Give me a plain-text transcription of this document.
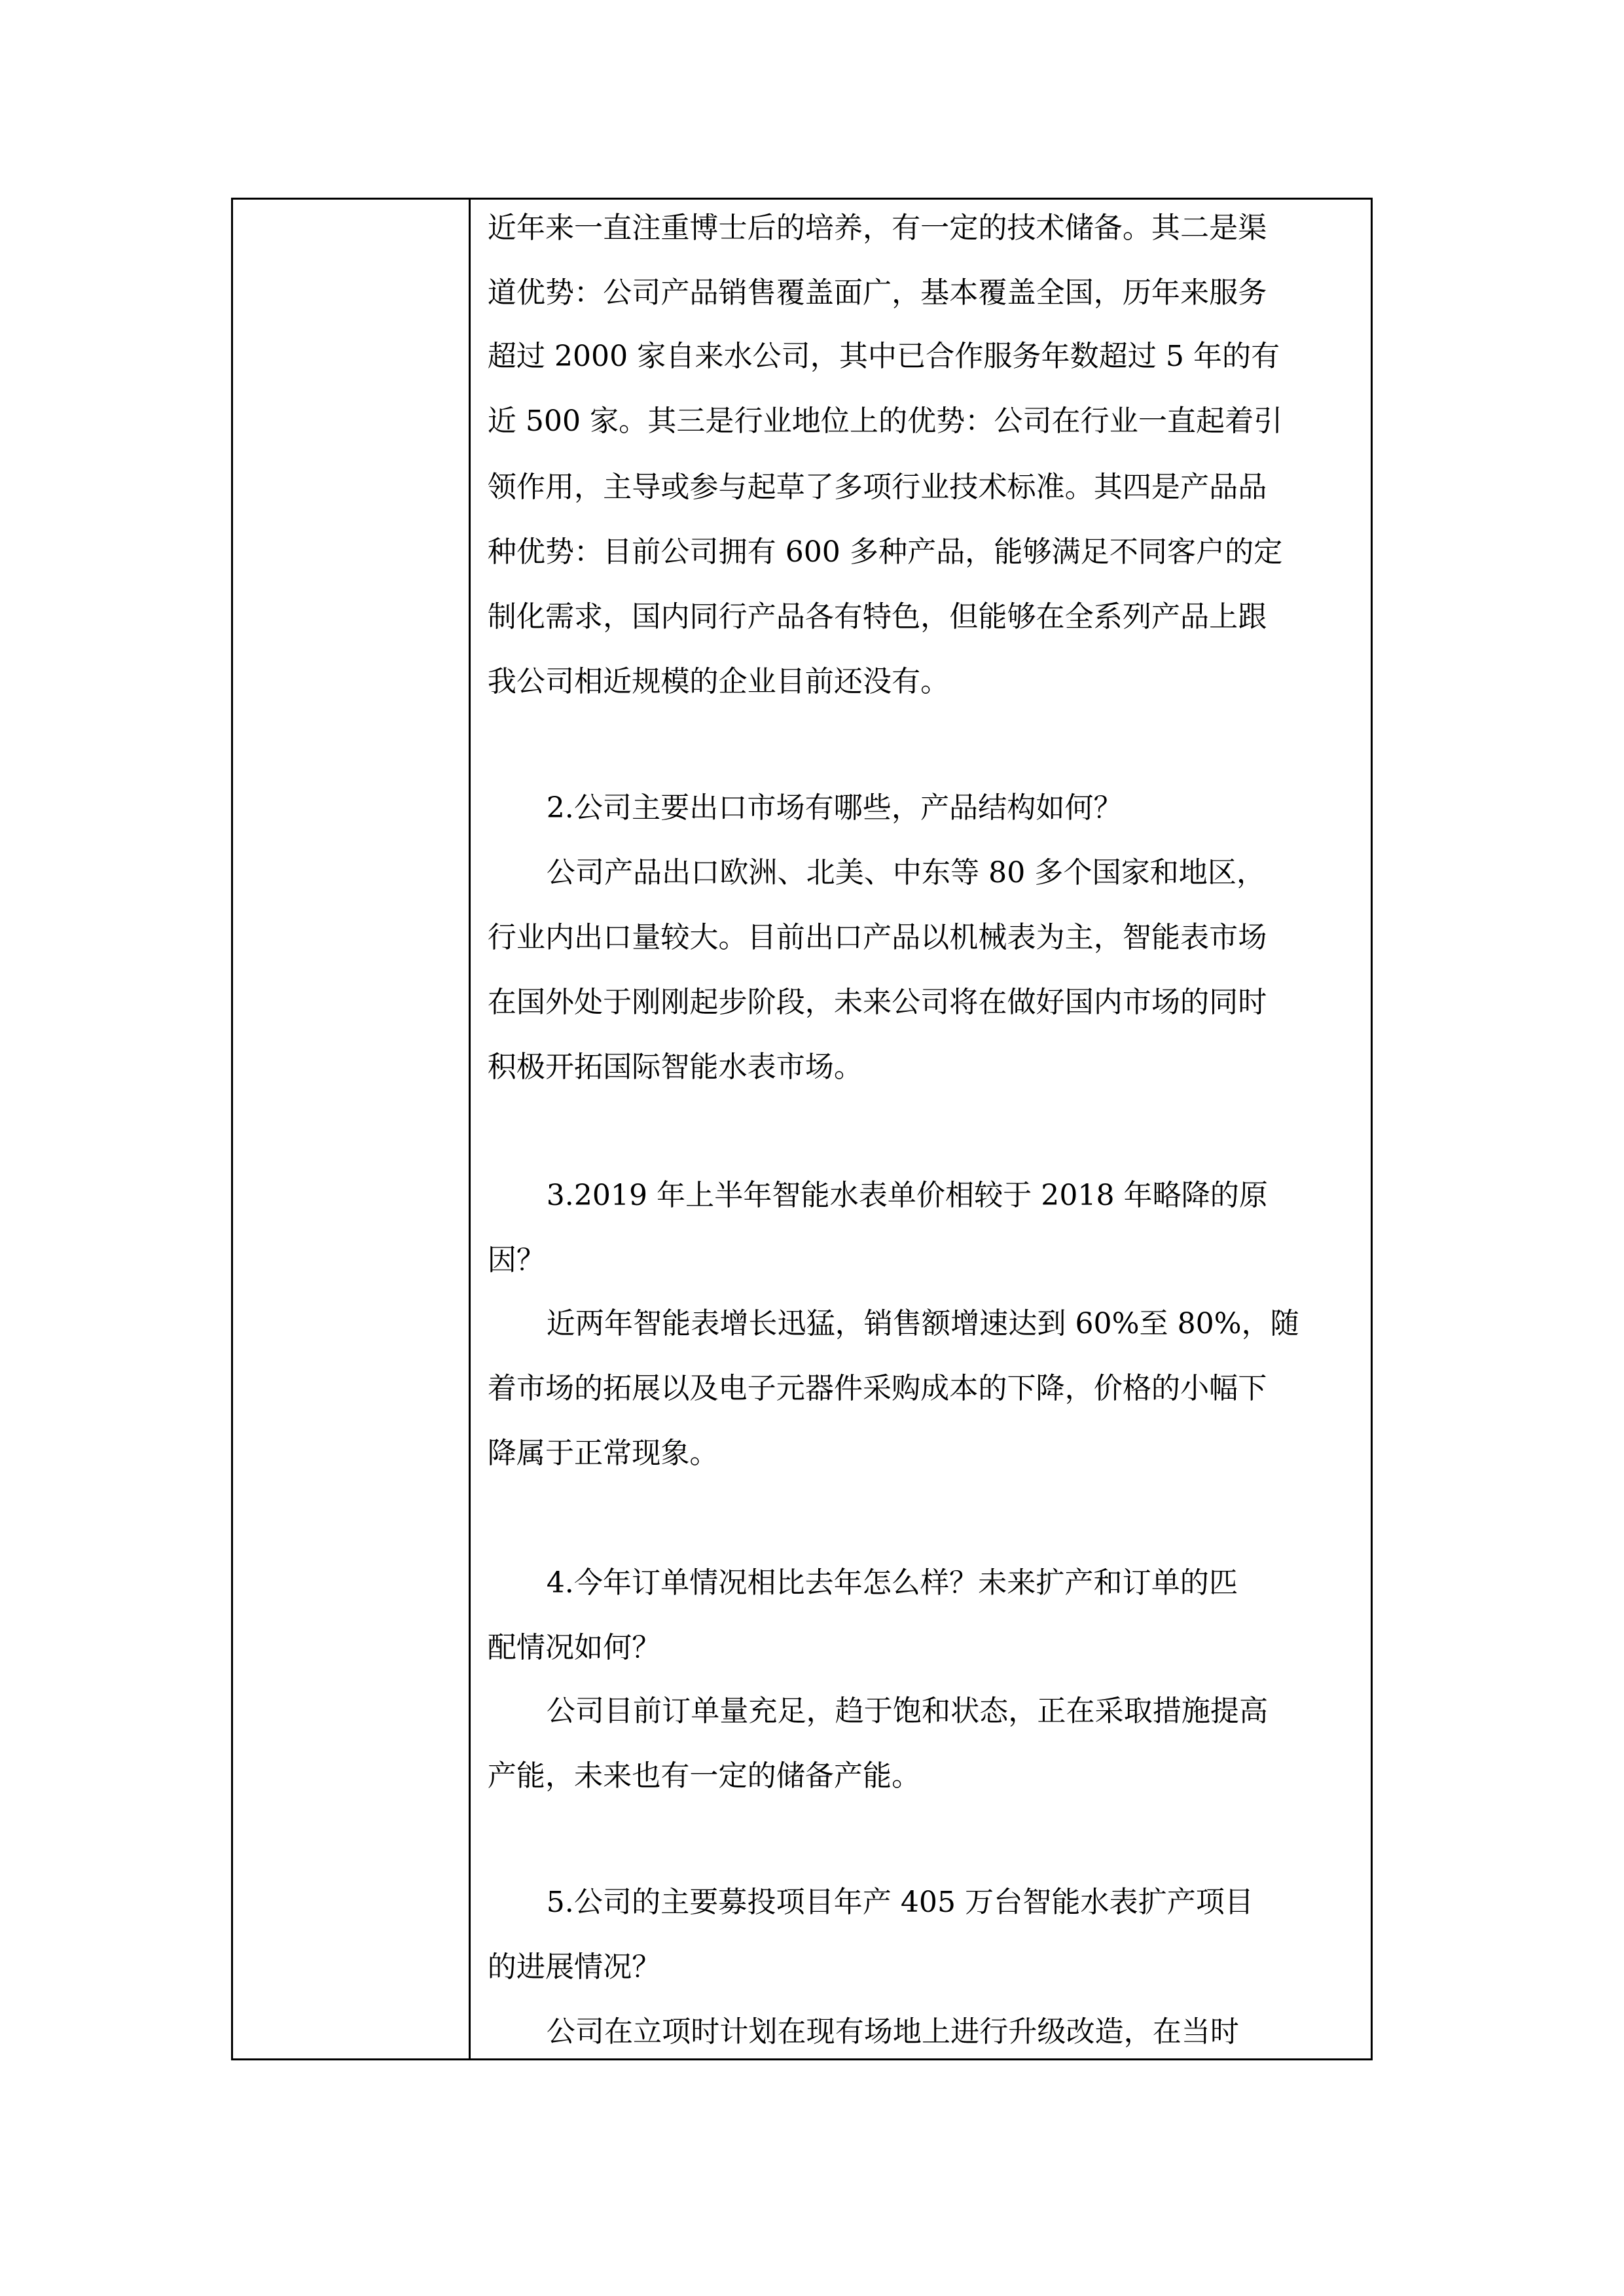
近年来一直注重博士后的培养，有一定的技术储备。其二是渠
道优势：公司产品销售覆盖面广，基本覆盖全国，历年来服务
超过 2000 家自来水公司，其中已合作服务年数超过 5 年的有
近 500 家。其三是行业地位上的优势：公司在行业一直起着引
领作用，主导或参与起草了多项行业技术标准。其四是产品品
种优势：目前公司拥有 600 多种产品，能够满足不同客户的定
制化需求，国内同行产品各有特色，但能够在全系列产品上跟
我公司相近规模的企业目前还没有。
2.公司主要出口市场有哪些，产品结构如何？
公司产品出口欧洲、北美、中东等 80 多个国家和地区，
行业内出口量较大。目前出口产品以机械表为主，智能表市场
在国外处于刚刚起步阶段，未来公司将在做好国内市场的同时
积极开拓国际智能水表市场。
3.2019 年上半年智能水表单价相较于 2018 年略降的原
因？
近两年智能表增长迅猛，销售额增速达到 60%至 80%，随
着市场的拓展以及电子元器件采购成本的下降，价格的小幅下
降属于正常现象。
4.今年订单情况相比去年怎么样？未来扩产和订单的匹
配情况如何？
公司目前订单量充足，趋于饱和状态，正在采取措施提高
产能，未来也有一定的储备产能。
5.公司的主要募投项目年产 405 万台智能水表扩产项目
的进展情况？
公司在立项时计划在现有场地上进行升级改造，在当时
